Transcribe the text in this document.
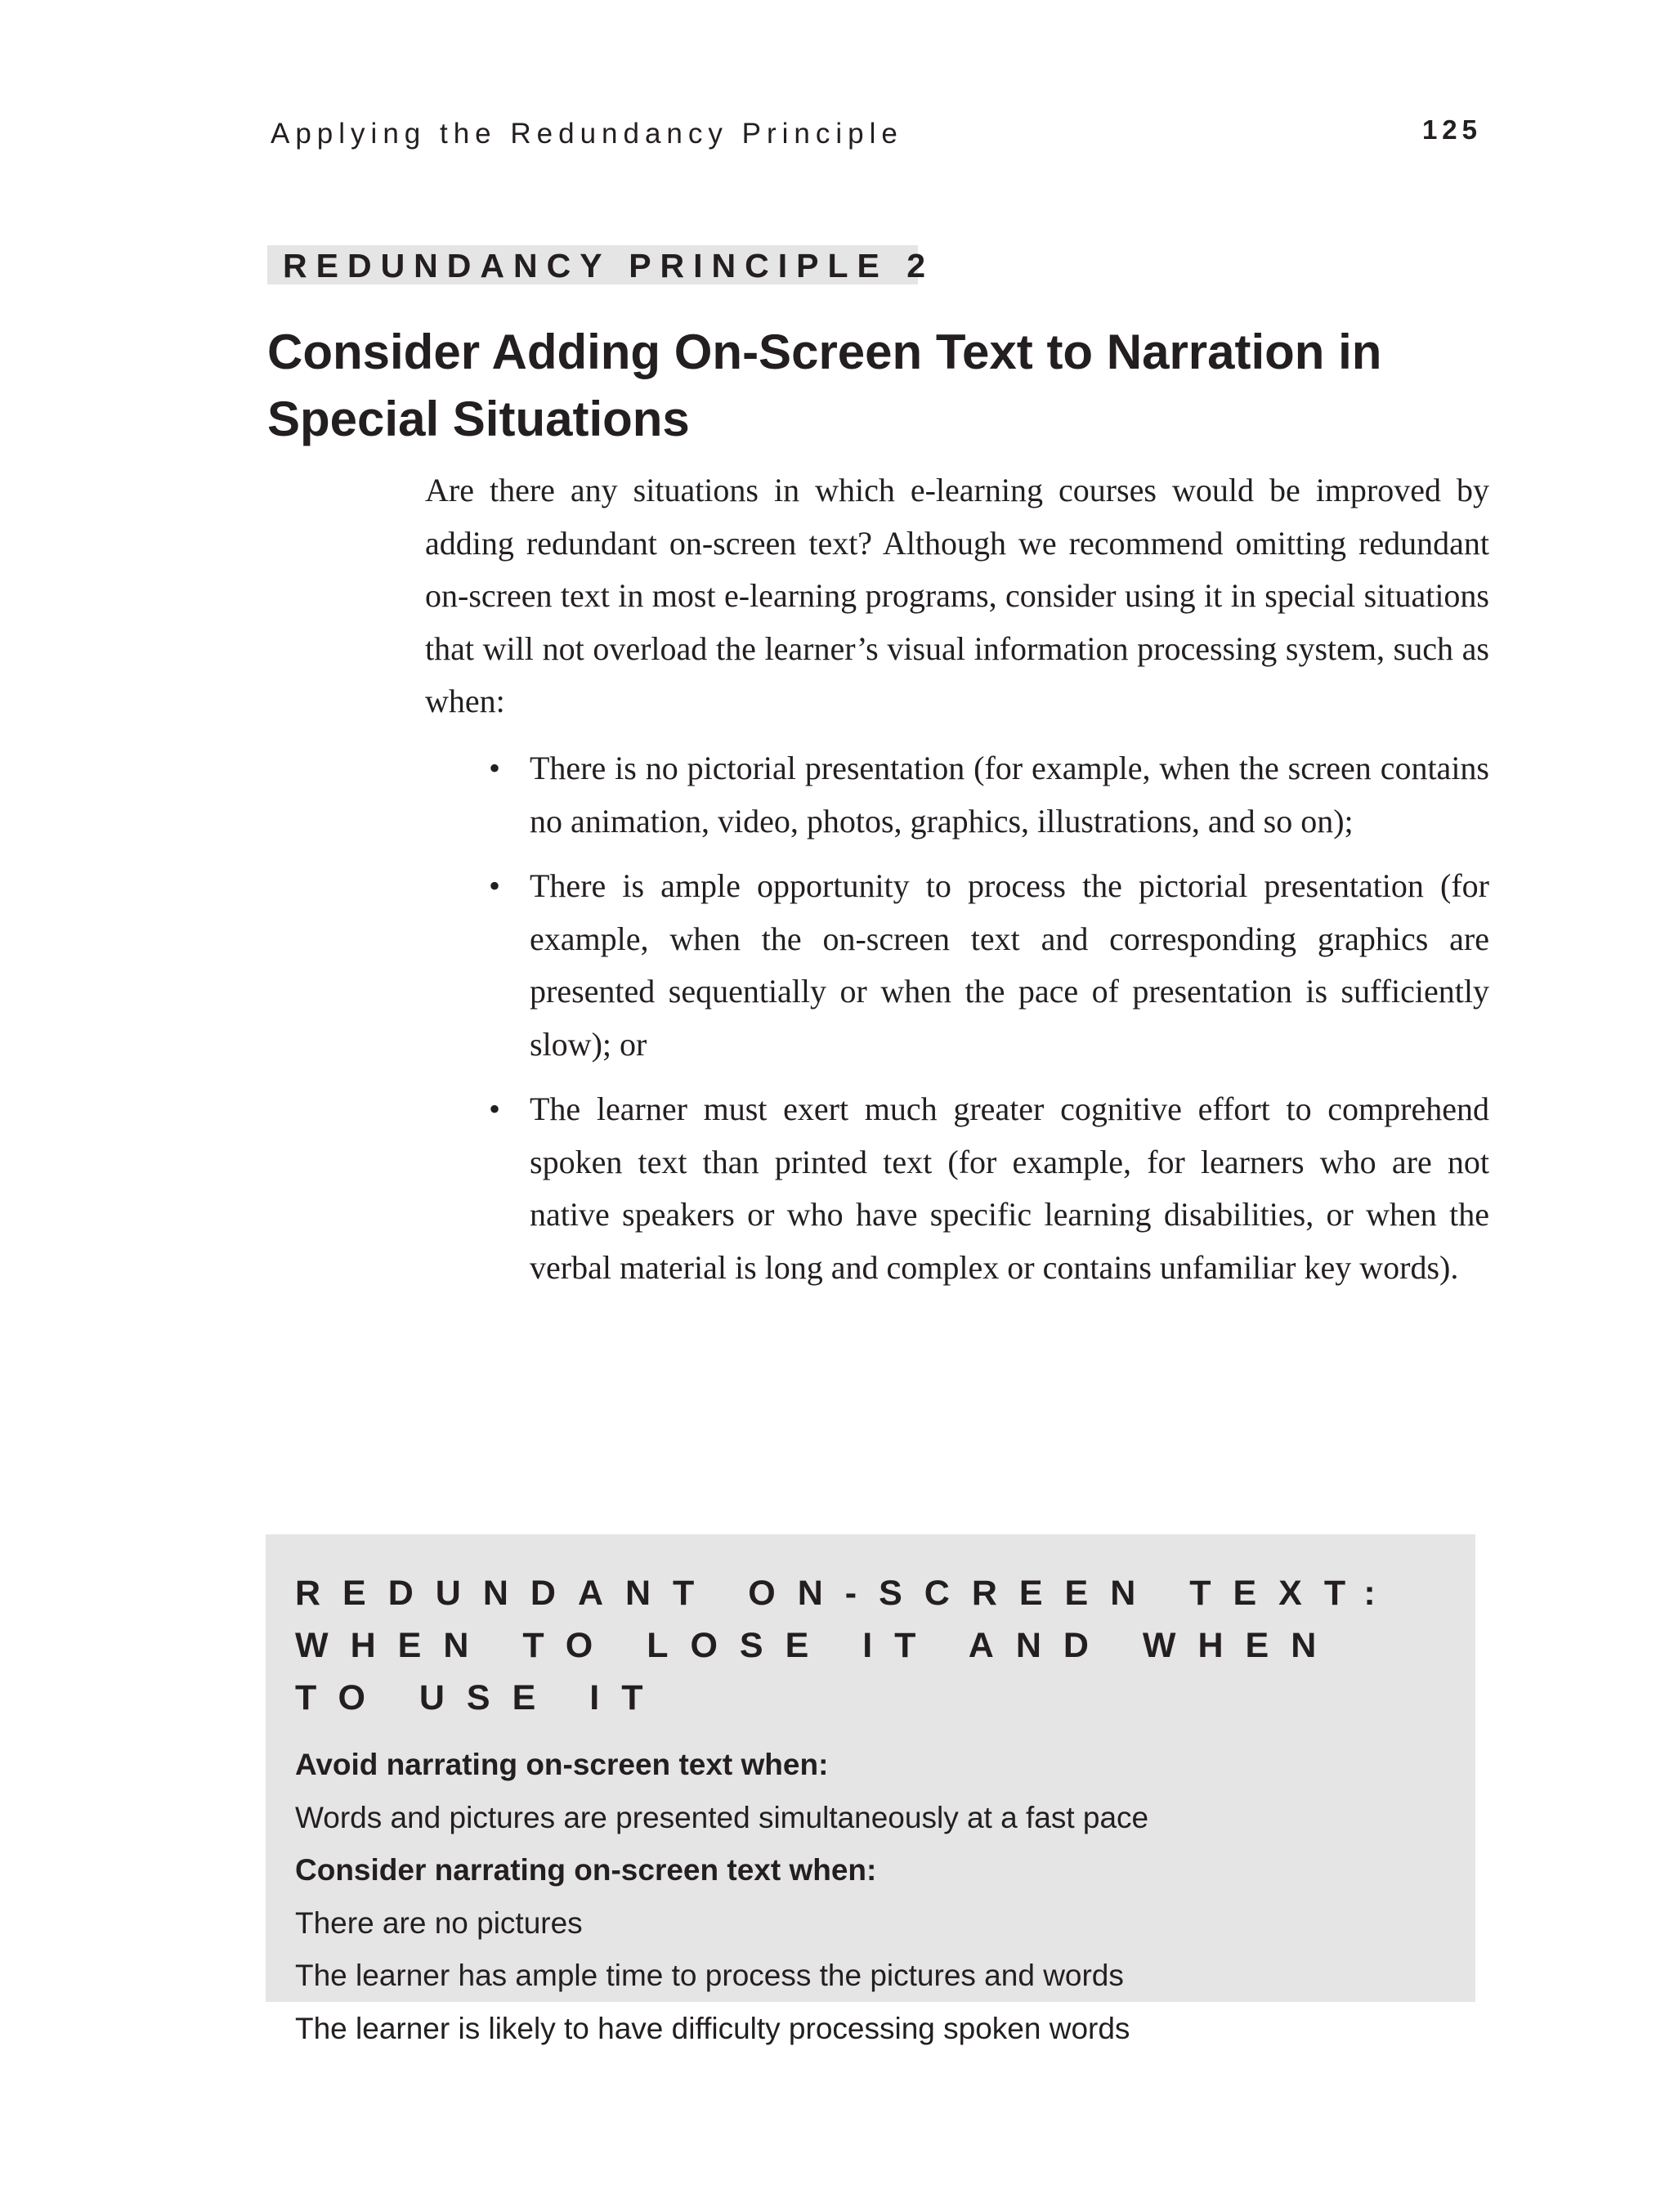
Applying the Redundancy Principle	125

REDUNDANCY PRINCIPLE 2

Consider Adding On-Screen Text to Narration in Special Situations

Are there any situations in which e-learning courses would be improved by adding redundant on-screen text? Although we recommend omitting redundant on-screen text in most e-learning programs, consider using it in special situations that will not overload the learner’s visual information processing system, such as when:

• There is no pictorial presentation (for example, when the screen contains no animation, video, photos, graphics, illustrations, and so on);
• There is ample opportunity to process the pictorial presentation (for example, when the on-screen text and corresponding graphics are presented sequentially or when the pace of presentation is sufficiently slow); or
• The learner must exert much greater cognitive effort to comprehend spoken text than printed text (for example, for learners who are not native speakers or who have specific learning disabilities, or when the verbal material is long and complex or contains unfamiliar key words).

REDUNDANT ON-SCREEN TEXT: WHEN TO LOSE IT AND WHEN TO USE IT

Avoid narrating on-screen text when:

Words and pictures are presented simultaneously at a fast pace

Consider narrating on-screen text when:

There are no pictures

The learner has ample time to process the pictures and words

The learner is likely to have difficulty processing spoken words
